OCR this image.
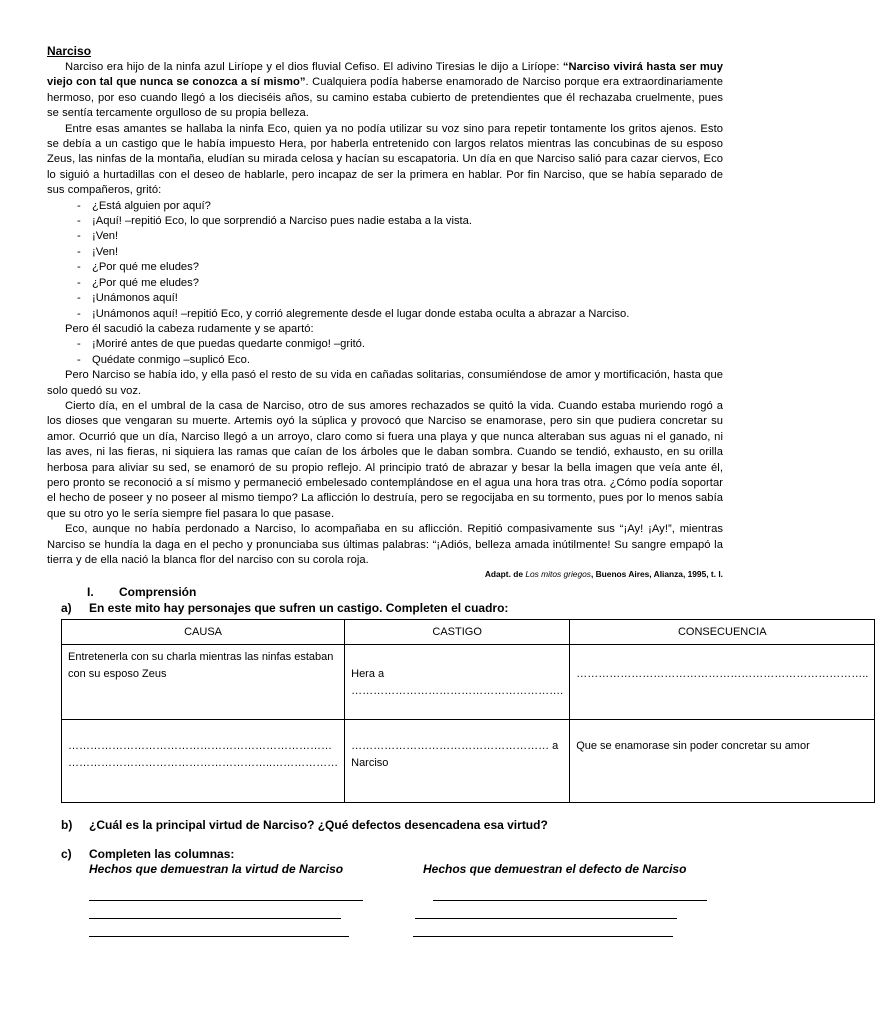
Narciso

Narciso era hijo de la ninfa azul Liríope y el dios fluvial Cefiso. El adivino Tiresias le dijo a Liríope: “Narciso vivirá hasta ser muy viejo con tal que nunca se conozca a sí mismo”. Cualquiera podía haberse enamorado de Narciso porque era extraordinariamente hermoso, por eso cuando llegó a los dieciséis años, su camino estaba cubierto de pretendientes que él rechazaba cruelmente, pues se sentía tercamente orgulloso de su propia belleza.

Entre esas amantes se hallaba la ninfa Eco, quien ya no podía utilizar su voz sino para repetir tontamente los gritos ajenos. Esto se debía a un castigo que le había impuesto Hera, por haberla entretenido con largos relatos mientras las concubinas de su esposo Zeus, las ninfas de la montaña, eludían su mirada celosa y hacían su escapatoria. Un día en que Narciso salió para cazar ciervos, Eco lo siguió a hurtadillas con el deseo de hablarle, pero incapaz de ser la primera en hablar. Por fin Narciso, que se había separado de sus compañeros, gritó:

- ¿Está alguien por aquí?
- ¡Aquí! –repitió Eco, lo que sorprendió a Narciso pues nadie estaba a la vista.
- ¡Ven!
- ¡Ven!
- ¿Por qué me eludes?
- ¿Por qué me eludes?
- ¡Unámonos aquí!
- ¡Unámonos aquí! –repitió Eco, y corrió alegremente desde el lugar donde estaba oculta a abrazar a Narciso.

Pero él sacudió la cabeza rudamente y se apartó:

- ¡Moriré antes de que puedas quedarte conmigo! –gritó.
- Quédate conmigo –suplicó Eco.

Pero Narciso se había ido, y ella pasó el resto de su vida en cañadas solitarias, consumiéndose de amor y mortificación, hasta que solo quedó su voz.

Cierto día, en el umbral de la casa de Narciso, otro de sus amores rechazados se quitó la vida. Cuando estaba muriendo rogó a los dioses que vengaran su muerte. Artemis oyó la súplica y provocó que Narciso se enamorase, pero sin que pudiera concretar su amor. Ocurrió que un día, Narciso llegó a un arroyo, claro como si fuera una playa y que nunca alteraban sus aguas ni el ganado, ni las aves, ni las fieras, ni siquiera las ramas que caían de los árboles que le daban sombra. Cuando se tendió, exhausto, en su orilla herbosa para aliviar su sed, se enamoró de su propio reflejo. Al principio trató de abrazar y besar la bella imagen que veía ante él, pero pronto se reconoció a sí mismo y permaneció embelesado contemplándose en el agua una hora tras otra. ¿Cómo podía soportar el hecho de poseer y no poseer al mismo tiempo? La aflicción lo destruía, pero se regocijaba en su tormento, pues por lo menos sabía que su otro yo le sería siempre fiel pasara lo que pasase.

Eco, aunque no había perdonado a Narciso, lo acompañaba en su aflicción. Repitió compasivamente sus “¡Ay! ¡Ay!”, mientras Narciso se hundía la daga en el pecho y pronunciaba sus últimas palabras: “¡Adiós, belleza amada inútilmente! Su sangre empapó la tierra y de ella nació la blanca flor del narciso con su corola roja.

Adapt. de Los mitos griegos, Buenos Aires, Alianza, 1995, t. I.

I. Comprensión
a) En este mito hay personajes que sufren un castigo. Completen el cuadro:
CAUSA	CASTIGO	CONSECUENCIA
Entretenerla con su charla mientras las ninfas estaban con su esposo Zeus	Hera a ………………………………………………….	……………………………………………………………………..

………………………………………………………………
………………………………………………..………………	……………………………………………… a Narciso	Que se enamorase sin poder concretar su amor
b) ¿Cuál es la principal virtud de Narciso? ¿Qué defectos desencadena esa virtud?
c) Completen las columnas:
Hechos que demuestran la virtud de Narciso	Hechos que demuestran el defecto de Narciso
